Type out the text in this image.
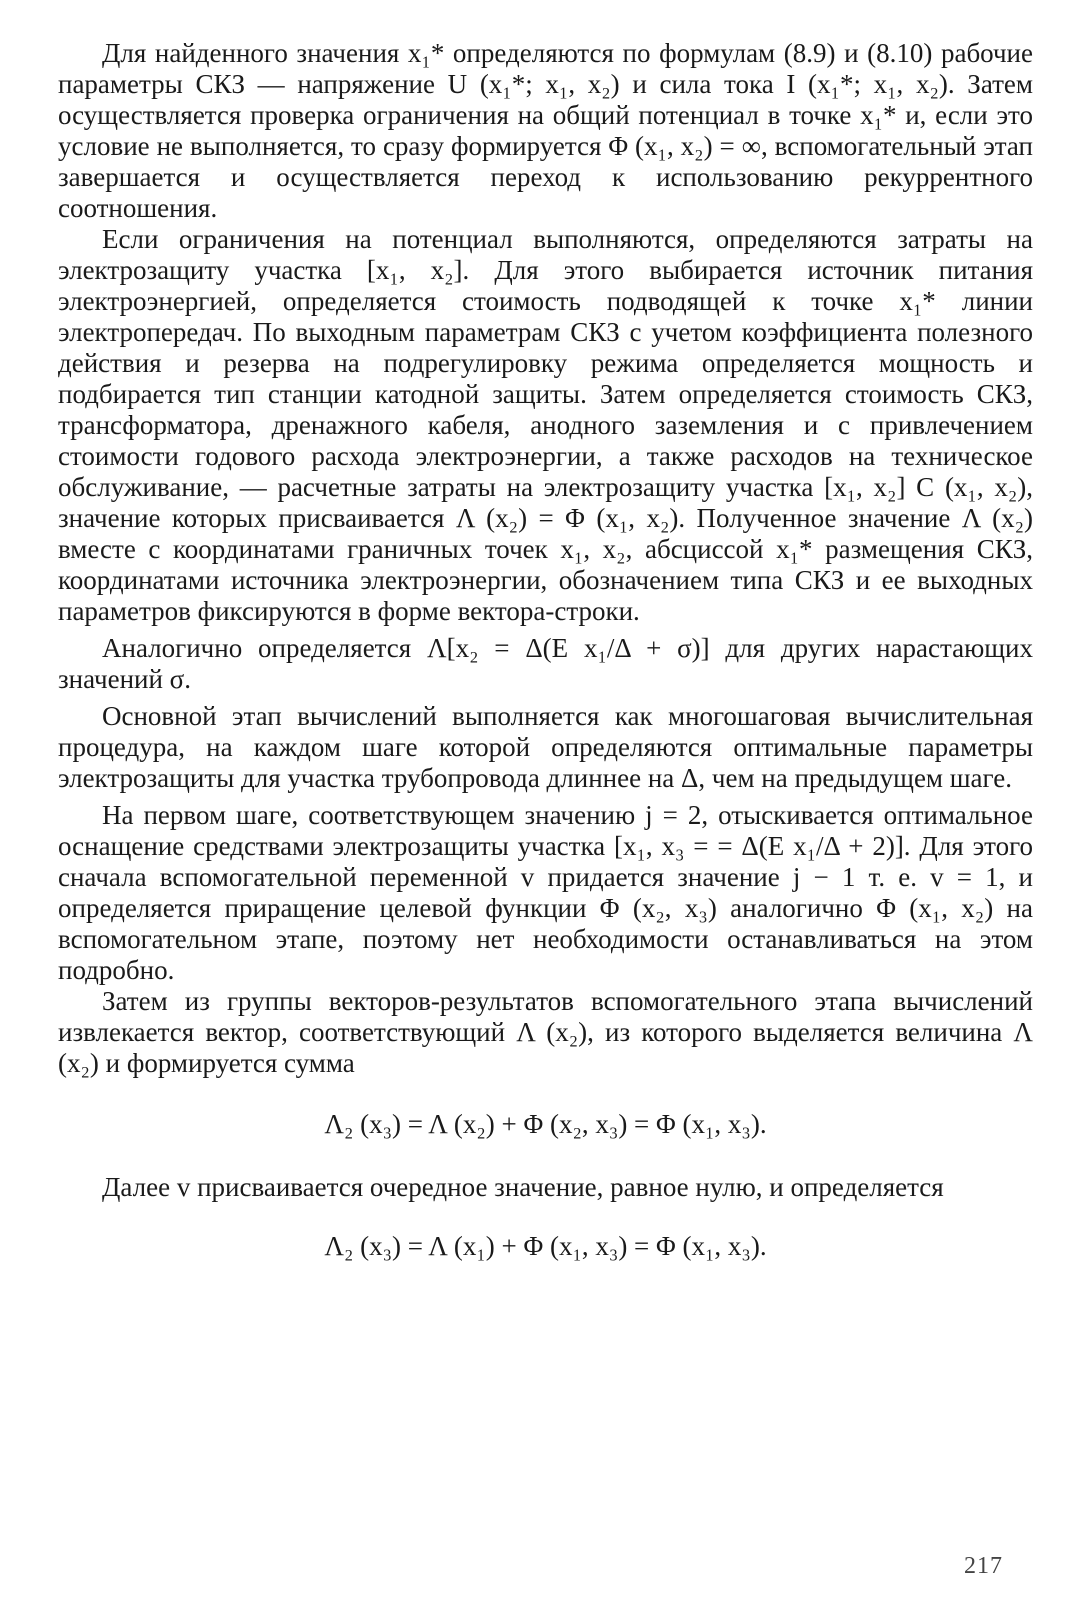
Для найденного значения x₁* определяются по формулам (8.9) и (8.10) рабочие параметры СКЗ — напряжение U (x₁*; x₁, x₂) и сила тока I (x₁*; x₁, x₂). Затем осуществляется проверка ограничения на общий потенциал в точке x₁* и, если это условие не выполняется, то сразу формируется Φ (x₁, x₂) = ∞, вспомогательный этап завершается и осуществляется переход к использованию рекуррентного соотношения.

Если ограничения на потенциал выполняются, определяются затраты на электрозащиту участка [x₁, x₂]. Для этого выбирается источник питания электроэнергией, определяется стоимость подводящей к точке x₁* линии электропередач. По выходным параметрам СКЗ с учетом коэффициента полезного действия и резерва на подрегулировку режима определяется мощность и подбирается тип станции катодной защиты. Затем определяется стоимость СКЗ, трансформатора, дренажного кабеля, анодного заземления и с привлечением стоимости годового расхода электроэнергии, а также расходов на техническое обслуживание, — расчетные затраты на электрозащиту участка [x₁, x₂] C (x₁, x₂), значение которых присваивается Λ (x₂) = Φ (x₁, x₂). Полученное значение Λ (x₂) вместе с координатами граничных точек x₁, x₂, абсциссой x₁* размещения СКЗ, координатами источника электроэнергии, обозначением типа СКЗ и ее выходных параметров фиксируются в форме вектора-строки.

Аналогично определяется Λ[x₂ = Δ(E x₁/Δ + σ)] для других нарастающих значений σ.

Основной этап вычислений выполняется как многошаговая вычислительная процедура, на каждом шаге которой определяются оптимальные параметры электрозащиты для участка трубопровода длиннее на Δ, чем на предыдущем шаге.

На первом шаге, соответствующем значению j = 2, отыскивается оптимальное оснащение средствами электрозащиты участка [x₁, x₃ = = Δ(E x₁/Δ + 2)]. Для этого сначала вспомогательной переменной v придается значение j − 1 т. е. v = 1, и определяется приращение целевой функции Φ (x₂, x₃) аналогично Φ (x₁, x₂) на вспомогательном этапе, поэтому нет необходимости останавливаться на этом подробно.

Затем из группы векторов-результатов вспомогательного этапа вычислений извлекается вектор, соответствующий Λ (x₂), из которого выделяется величина Λ (x₂) и формируется сумма

Λ₂ (x₃) = Λ (x₂) + Φ (x₂, x₃) = Φ (x₁, x₃).

Далее v присваивается очередное значение, равное нулю, и определяется

Λ₂ (x₃) = Λ (x₁) + Φ (x₁, x₃) = Φ (x₁, x₃).
217
